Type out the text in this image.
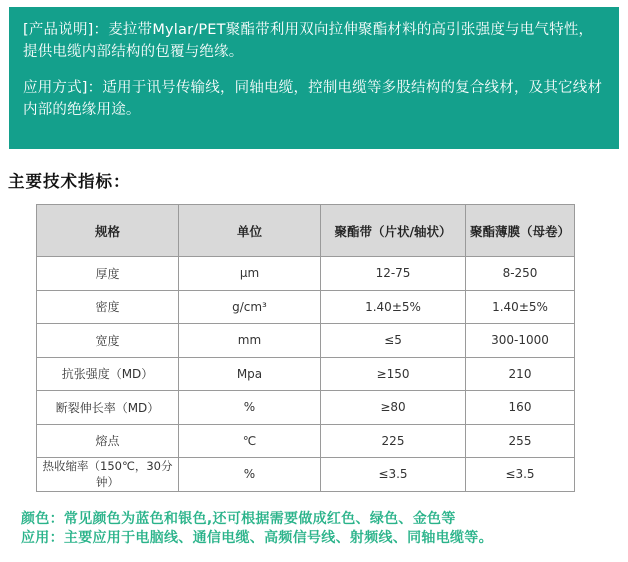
[产品说明]：麦拉带Mylar/PET聚酯带利用双向拉伸聚酯材料的高引张强度与电气特性，提供电缆内部结构的包覆与绝缘。

应用方式]：适用于讯号传输线，同轴电缆，控制电缆等多股结构的复合线材，及其它线材内部的绝缘用途。

主要技术指标：
规格	单位	聚酯带（片状/轴状）	聚酯薄膜（母卷）
厚度	μm	12-75	8-250
密度	g/cm³	1.40±5%	1.40±5%
宽度	mm	≤5	300-1000
抗张强度（MD）	Mpa	≥150	210
断裂伸长率（MD）	%	≥80	160
熔点	℃	225	255
热收缩率（150℃，30分钟）	%	≤3.5	≤3.5
颜色：常见颜色为蓝色和银色,还可根据需要做成红色、绿色、金色等
应用：主要应用于电脑线、通信电缆、高频信号线、射频线、同轴电缆等。
